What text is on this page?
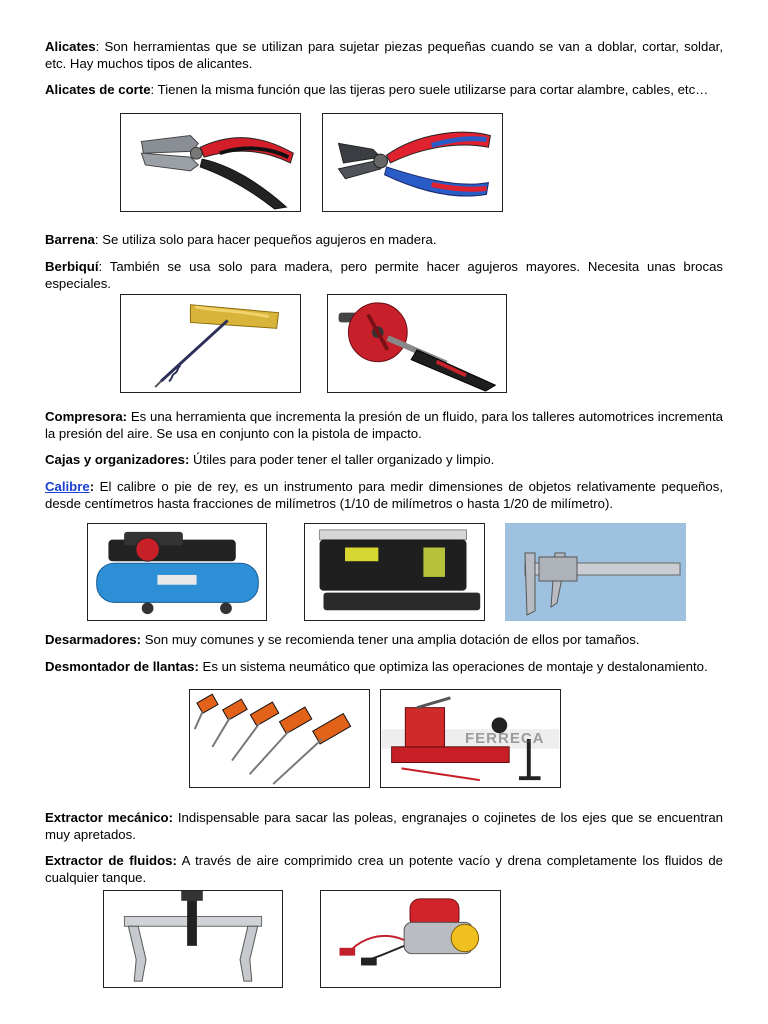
Alicates: Son herramientas que se utilizan para sujetar piezas pequeñas cuando se van a doblar, cortar, soldar, etc. Hay muchos tipos de alicantes.

Alicates de corte: Tienen la misma función que las tijeras pero suele utilizarse para cortar alambre, cables, etc…

Barrena: Se utiliza solo para hacer pequeños agujeros en madera.

Berbiquí: También se usa solo para madera, pero permite hacer agujeros mayores. Necesita unas brocas especiales.

Compresora: Es una herramienta que incrementa la presión de un fluido, para los talleres automotrices incrementa la presión del aire. Se usa en conjunto con la pistola de impacto.

Cajas y organizadores: Útiles para poder tener el taller organizado y limpio.

Calibre: El calibre o pie de rey, es un instrumento para medir dimensiones de objetos relativamente pequeños, desde centímetros hasta fracciones de milímetros (1/10 de milímetros o hasta 1/20 de milímetro).

Desarmadores: Son muy comunes y se recomienda tener una amplia dotación de ellos por tamaños.

Desmontador de llantas: Es un sistema neumático que optimiza las operaciones de montaje y destalonamiento.

FERRECA

Extractor mecánico: Indispensable para sacar las poleas, engranajes o cojinetes de los ejes que se encuentran muy apretados.

Extractor de fluidos: A través de aire comprimido crea un potente vacío y drena completamente los fluidos de cualquier tanque.
